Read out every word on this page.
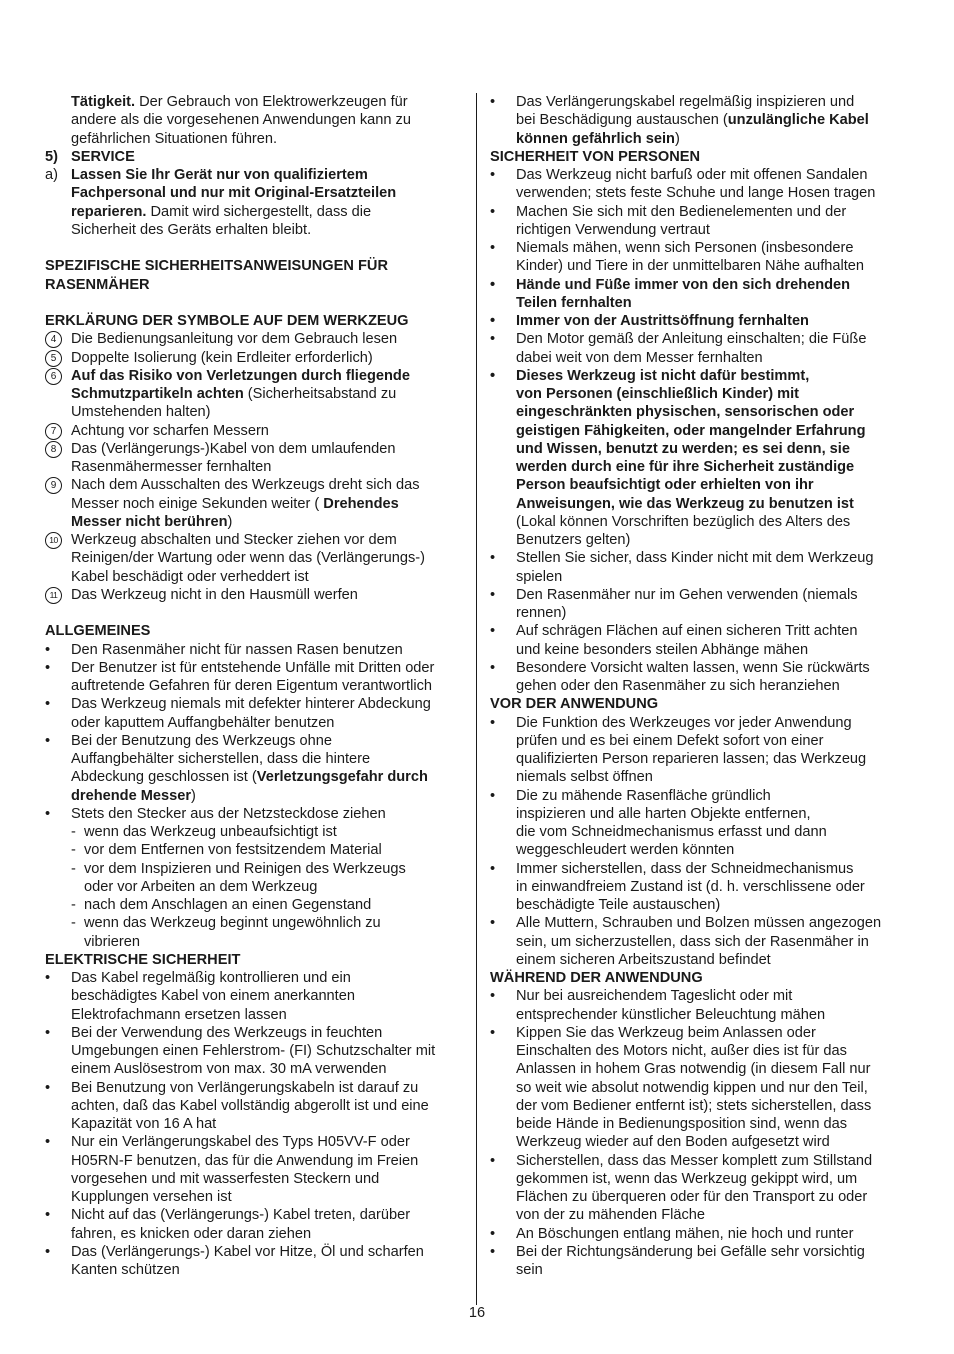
Tätigkeit. Der Gebrauch von Elektrowerkzeugen für
andere als die vorgesehenen Anwendungen kann zu
gefährlichen Situationen führen.
5) SERVICE
a) Lassen Sie Ihr Gerät nur von qualifiziertem
Fachpersonal und nur mit Original-Ersatzteilen
reparieren. Damit wird sichergestellt, dass die
Sicherheit des Geräts erhalten bleibt.
SPEZIFISCHE SICHERHEITSANWEISUNGEN FÜR
RASENMÄHER
ERKLÄRUNG DER SYMBOLE AUF DEM WERKZEUG
4	Die Bedienungsanleitung vor dem Gebrauch lesen
5	Doppelte Isolierung (kein Erdleiter erforderlich)
6	Auf das Risiko von Verletzungen durch fliegende
Schmutzpartikeln achten (Sicherheitsabstand zu
Umstehenden halten)
7	Achtung vor scharfen Messern
8	Das (Verlängerungs-)Kabel von dem umlaufenden
Rasenmähermesser fernhalten
9	Nach dem Ausschalten des Werkzeugs dreht sich das
Messer noch einige Sekunden weiter ( Drehendes
Messer nicht berühren)
10 Werkzeug abschalten und Stecker ziehen vor dem
Reinigen/der Wartung oder wenn das (Verlängerungs-)
Kabel beschädigt oder verheddert ist
11 Das Werkzeug nicht in den Hausmüll werfen
ALLGEMEINES
• Den Rasenmäher nicht für nassen Rasen benutzen
• Der Benutzer ist für entstehende Unfälle mit Dritten oder
auftretende Gefahren für deren Eigentum verantwortlich
• Das Werkzeug niemals mit defekter hinterer Abdeckung
oder kaputtem Auffangbehälter benutzen
• Bei der Benutzung des Werkzeugs ohne
Auffangbehälter sicherstellen, dass die hintere
Abdeckung geschlossen ist (Verletzungsgefahr durch
drehende Messer)
• Stets den Stecker aus der Netzsteckdose ziehen
- wenn das Werkzeug unbeaufsichtigt ist
- vor dem Entfernen von festsitzendem Material
- vor dem Inspizieren und Reinigen des Werkzeugs
oder vor Arbeiten an dem Werkzeug
- nach dem Anschlagen an einen Gegenstand
- wenn das Werkzeug beginnt ungewöhnlich zu
vibrieren
ELEKTRISCHE SICHERHEIT
• Das Kabel regelmäßig kontrollieren und ein
beschädigtes Kabel von einem anerkannten
Elektrofachmann ersetzen lassen
• Bei der Verwendung des Werkzeugs in feuchten
Umgebungen einen Fehlerstrom- (FI) Schutzschalter mit
einem Auslösestrom von max. 30 mA verwenden
• Bei Benutzung von Verlängerungskabeln ist darauf zu
achten, daß das Kabel vollständig abgerollt ist und eine
Kapazität von 16 A hat
• Nur ein Verlängerungskabel des Typs H05VV-F oder
H05RN-F benutzen, das für die Anwendung im Freien
vorgesehen und mit wasserfesten Steckern und
Kupplungen versehen ist
• Nicht auf das (Verlängerungs-) Kabel treten, darüber
fahren, es knicken oder daran ziehen
• Das (Verlängerungs-) Kabel vor Hitze, Öl und scharfen
Kanten schützen
• Das Verlängerungskabel regelmäßig inspizieren und
bei Beschädigung austauschen (unzulängliche Kabel
können gefährlich sein)
SICHERHEIT VON PERSONEN
• Das Werkzeug nicht barfuß oder mit offenen Sandalen
verwenden; stets feste Schuhe und lange Hosen tragen
• Machen Sie sich mit den Bedienelementen und der
richtigen Verwendung vertraut
• Niemals mähen, wenn sich Personen (insbesondere
Kinder) und Tiere in der unmittelbaren Nähe aufhalten
• Hände und Füße immer von den sich drehenden
Teilen fernhalten
• Immer von der Austrittsöffnung fernhalten
• Den Motor gemäß der Anleitung einschalten; die Füße
dabei weit von dem Messer fernhalten
• Dieses Werkzeug ist nicht dafür bestimmt,
von Personen (einschließlich Kinder) mit
eingeschränkten physischen, sensorischen oder
geistigen Fähigkeiten, oder mangelnder Erfahrung
und Wissen, benutzt zu werden; es sei denn, sie
werden durch eine für ihre Sicherheit zuständige
Person beaufsichtigt oder erhielten von ihr
Anweisungen, wie das Werkzeug zu benutzen ist
(Lokal können Vorschriften bezüglich des Alters des
Benutzers gelten)
• Stellen Sie sicher, dass Kinder nicht mit dem Werkzeug
spielen
• Den Rasenmäher nur im Gehen verwenden (niemals
rennen)
• Auf schrägen Flächen auf einen sicheren Tritt achten
und keine besonders steilen Abhänge mähen
• Besondere Vorsicht walten lassen, wenn Sie rückwärts
gehen oder den Rasenmäher zu sich heranziehen
VOR DER ANWENDUNG
• Die Funktion des Werkzeuges vor jeder Anwendung
prüfen und es bei einem Defekt sofort von einer
qualifizierten Person reparieren lassen; das Werkzeug
niemals selbst öffnen
• Die zu mähende Rasenfläche gründlich
inspizieren und alle harten Objekte entfernen,
die vom Schneidmechanismus erfasst und dann
weggeschleudert werden könnten
• Immer sicherstellen, dass der Schneidmechanismus
in einwandfreiem Zustand ist (d. h. verschlissene oder
beschädigte Teile austauschen)
• Alle Muttern, Schrauben und Bolzen müssen angezogen
sein, um sicherzustellen, dass sich der Rasenmäher in
einem sicheren Arbeitszustand befindet
WÄHREND DER ANWENDUNG
• Nur bei ausreichendem Tageslicht oder mit
entsprechender künstlicher Beleuchtung mähen
• Kippen Sie das Werkzeug beim Anlassen oder
Einschalten des Motors nicht, außer dies ist für das
Anlassen in hohem Gras notwendig (in diesem Fall nur
so weit wie absolut notwendig kippen und nur den Teil,
der vom Bediener entfernt ist); stets sicherstellen, dass
beide Hände in Bedienungsposition sind, wenn das
Werkzeug wieder auf den Boden aufgesetzt wird
• Sicherstellen, dass das Messer komplett zum Stillstand
gekommen ist, wenn das Werkzeug gekippt wird, um
Flächen zu überqueren oder für den Transport zu oder
von der zu mähenden Fläche
• An Böschungen entlang mähen, nie hoch und runter
• Bei der Richtungsänderung bei Gefälle sehr vorsichtig
sein
16
